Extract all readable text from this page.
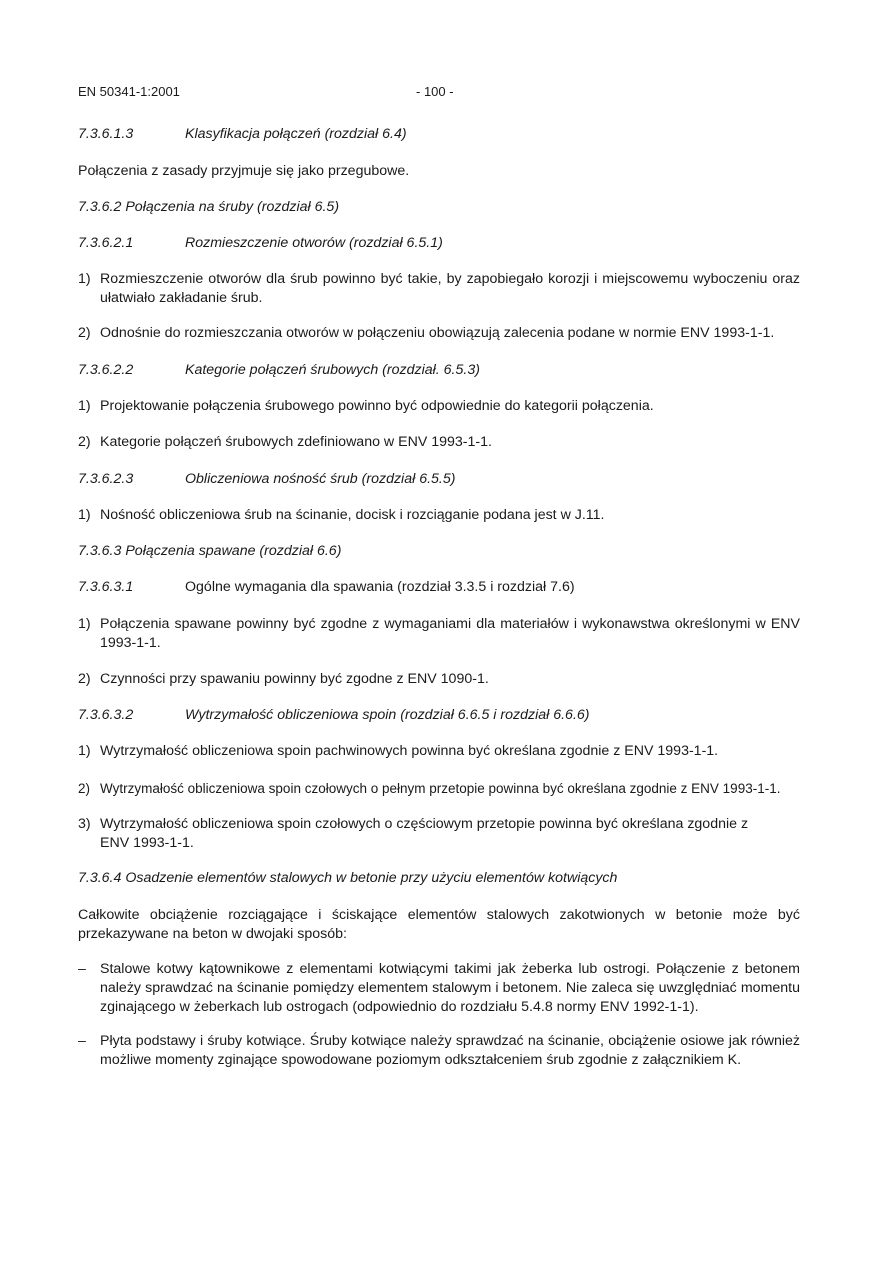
EN 50341-1:2001	- 100 -
7.3.6.1.3	Klasyfikacja połączeń (rozdział 6.4)
Połączenia z zasady przyjmuje się jako przegubowe.
7.3.6.2 Połączenia na śruby (rozdział 6.5)
7.3.6.2.1	Rozmieszczenie otworów (rozdział 6.5.1)
1) Rozmieszczenie otworów dla śrub powinno być takie, by zapobiegało korozji i miejscowemu wyboczeniu oraz ułatwiało zakładanie śrub.
2) Odnośnie do rozmieszczania otworów w połączeniu obowiązują zalecenia podane w normie ENV 1993-1-1.
7.3.6.2.2	Kategorie połączeń śrubowych (rozdział. 6.5.3)
1) Projektowanie połączenia śrubowego powinno być odpowiednie do kategorii połączenia.
2) Kategorie połączeń śrubowych zdefiniowano w ENV 1993-1-1.
7.3.6.2.3	Obliczeniowa nośność śrub (rozdział 6.5.5)
1) Nośność obliczeniowa śrub na ścinanie, docisk i rozciąganie podana jest w J.11.
7.3.6.3 Połączenia spawane (rozdział 6.6)
7.3.6.3.1	Ogólne wymagania dla spawania (rozdział 3.3.5 i rozdział 7.6)
1) Połączenia spawane powinny być zgodne z wymaganiami dla materiałów i wykonawstwa określonymi w ENV 1993-1-1.
2) Czynności przy spawaniu powinny być zgodne z ENV 1090-1.
7.3.6.3.2	Wytrzymałość obliczeniowa spoin (rozdział 6.6.5 i rozdział 6.6.6)
1) Wytrzymałość obliczeniowa spoin pachwinowych powinna być określana zgodnie z ENV 1993-1-1.
2) Wytrzymałość obliczeniowa spoin czołowych o pełnym przetopie powinna być określana zgodnie z ENV 1993-1-1.
3) Wytrzymałość obliczeniowa spoin czołowych o częściowym przetopie powinna być określana zgodnie z ENV 1993-1-1.
7.3.6.4 Osadzenie elementów stalowych w betonie przy użyciu elementów kotwiących
Całkowite obciążenie rozciągające i ściskające elementów stalowych zakotwionych w betonie może być przekazywane na beton w dwojaki sposób:
– Stalowe kotwy kątownikowe z elementami kotwiącymi takimi jak żeberka lub ostrogi. Połączenie z betonem należy sprawdzać na ścinanie pomiędzy elementem stalowym i betonem. Nie zaleca się uwzględniać momentu zginającego w żeberkach lub ostrogach (odpowiednio do rozdziału 5.4.8 normy ENV 1992-1-1).
– Płyta podstawy i śruby kotwiące. Śruby kotwiące należy sprawdzać na ścinanie, obciążenie osiowe jak również możliwe momenty zginające spowodowane poziomym odkształceniem śrub zgodnie z załącznikiem K.
